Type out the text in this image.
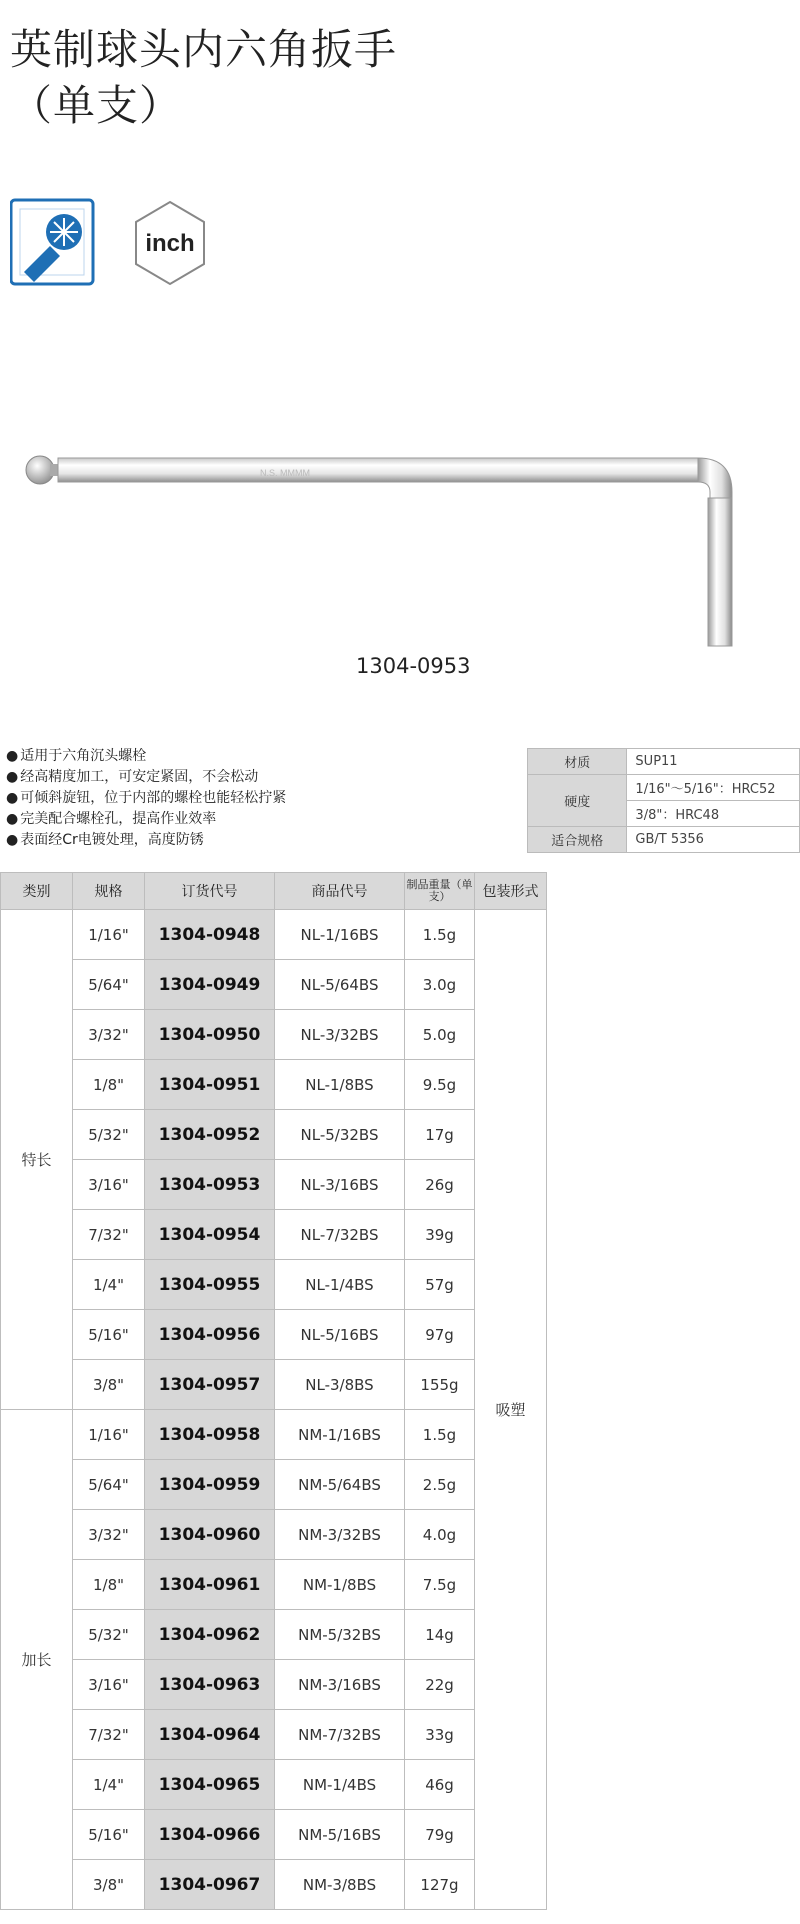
英制球头内六角扳手
（单支）
inch
N.S. MMMM
1304-0953
● 适用于六角沉头螺栓
● 经高精度加工，可安定紧固，不会松动
● 可倾斜旋钮，位于内部的螺栓也能轻松拧紧
● 完美配合螺栓孔，提高作业效率
● 表面经Cr电镀处理，高度防锈
材质	SUP11
硬度	1/16"～5/16"：HRC52
	3/8"：HRC48
适合规格	GB/T 5356
类别	规格	订货代号	商品代号	制品重量（单支）	包装形式
特长	1/16"	1304-0948	NL-1/16BS	1.5g	吸塑
	5/64"	1304-0949	NL-5/64BS	3.0g	
	3/32"	1304-0950	NL-3/32BS	5.0g	
	1/8"	1304-0951	NL-1/8BS	9.5g	
	5/32"	1304-0952	NL-5/32BS	17g	
	3/16"	1304-0953	NL-3/16BS	26g	
	7/32"	1304-0954	NL-7/32BS	39g	
	1/4"	1304-0955	NL-1/4BS	57g	
	5/16"	1304-0956	NL-5/16BS	97g	
	3/8"	1304-0957	NL-3/8BS	155g	
加长	1/16"	1304-0958	NM-1/16BS	1.5g	
	5/64"	1304-0959	NM-5/64BS	2.5g	
	3/32"	1304-0960	NM-3/32BS	4.0g	
	1/8"	1304-0961	NM-1/8BS	7.5g	
	5/32"	1304-0962	NM-5/32BS	14g	
	3/16"	1304-0963	NM-3/16BS	22g	
	7/32"	1304-0964	NM-7/32BS	33g	
	1/4"	1304-0965	NM-1/4BS	46g	
	5/16"	1304-0966	NM-5/16BS	79g	
	3/8"	1304-0967	NM-3/8BS	127g	
